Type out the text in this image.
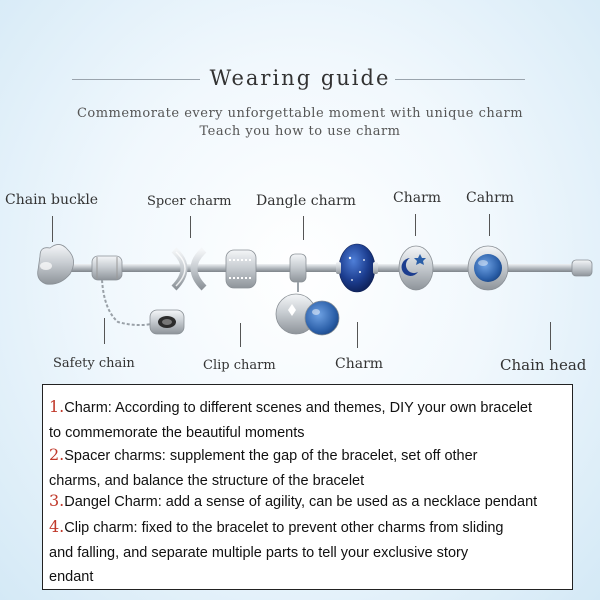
Wearing guide
Commemorate every unforgettable moment with unique charm
Teach you how to use charm
Chain buckle	Spcer charm Dangle charm	Charm Cahrm
Safety chain	Clip charm	Charm	Chain head
1.Charm: According to different scenes and themes, DIY your own bracelet
to commemorate the beautiful moments
2.Spacer charms: supplement the gap of the bracelet, set off other
charms, and balance the structure of the bracelet
3.Dangel Charm: add a sense of agility, can be used as a necklace pendant
4.Clip charm: fixed to the bracelet to prevent other charms from sliding
and falling, and separate multiple parts to tell your exclusive story
endant
